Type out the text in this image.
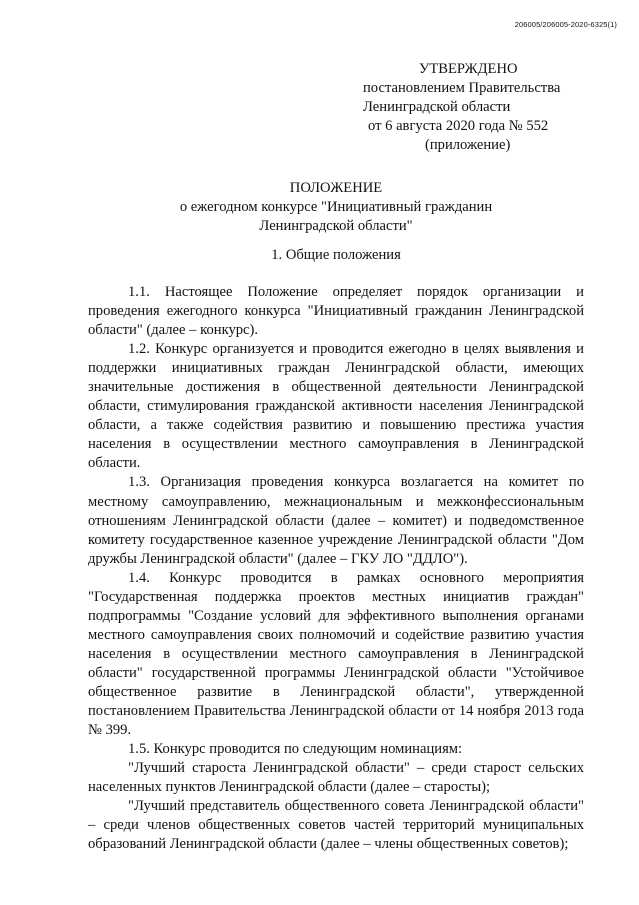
206005/206005-2020-6325(1)
УТВЕРЖДЕНО
постановлением Правительства
Ленинградской области
от 6 августа 2020 года № 552
(приложение)
ПОЛОЖЕНИЕ
о ежегодном конкурсе "Инициативный гражданин
Ленинградской области"
1. Общие положения

1.1. Настоящее Положение определяет порядок организации и проведения ежегодного конкурса "Инициативный гражданин Ленинградской области" (далее – конкурс).

1.2. Конкурс организуется и проводится ежегодно в целях выявления и поддержки инициативных граждан Ленинградской области, имеющих значительные достижения в общественной деятельности Ленинградской области, стимулирования гражданской активности населения Ленинградской области, а также содействия развитию и повышению престижа участия населения в осуществлении местного самоуправления в Ленинградской области.

1.3. Организация проведения конкурса возлагается на комитет по местному самоуправлению, межнациональным и межконфессиональным отношениям Ленинградской области (далее – комитет) и подведомственное комитету государственное казенное учреждение Ленинградской области "Дом дружбы Ленинградской области" (далее – ГКУ ЛО "ДДЛО").

1.4. Конкурс проводится в рамках основного мероприятия "Государственная поддержка проектов местных инициатив граждан" подпрограммы "Создание условий для эффективного выполнения органами местного самоуправления своих полномочий и содействие развитию участия населения в осуществлении местного самоуправления в Ленинградской области" государственной программы Ленинградской области "Устойчивое общественное развитие в Ленинградской области", утвержденной постановлением Правительства Ленинградской области от 14 ноября 2013 года № 399.

1.5. Конкурс проводится по следующим номинациям:

"Лучший староста Ленинградской области" – среди старост сельских населенных пунктов Ленинградской области (далее – старосты);

"Лучший представитель общественного совета Ленинградской области" – среди членов общественных советов частей территорий муниципальных образований Ленинградской области (далее – члены общественных советов);
